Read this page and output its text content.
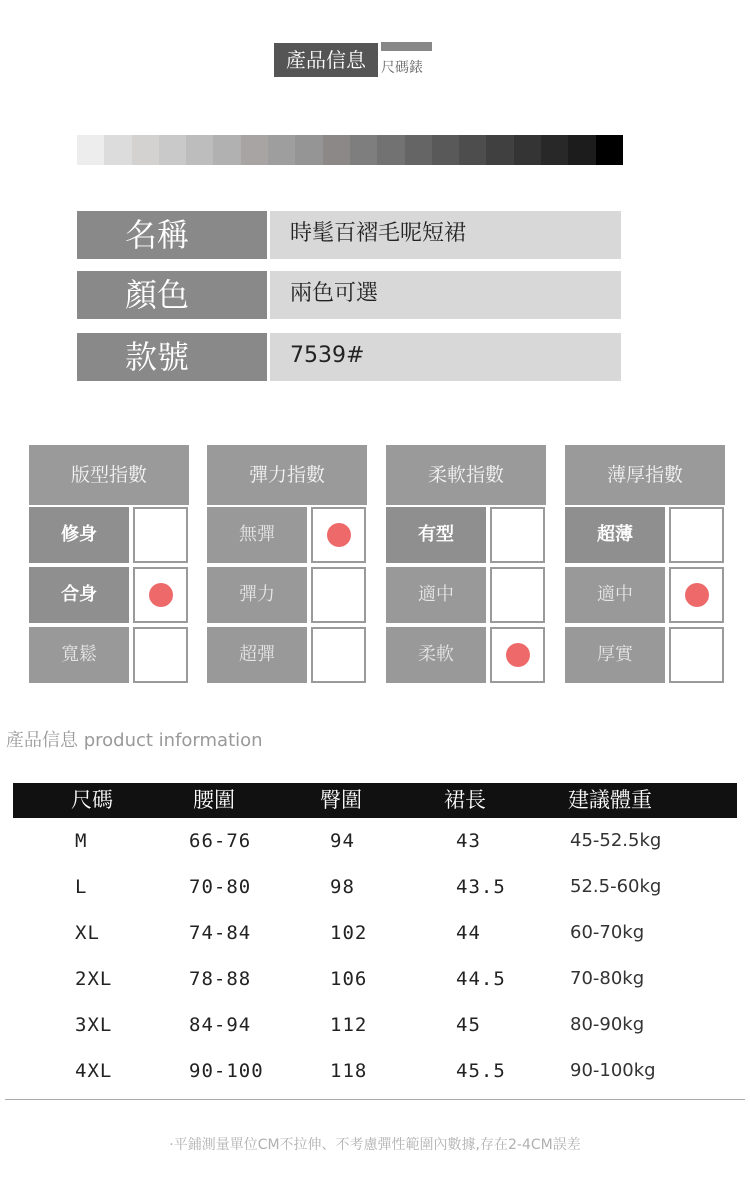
產品信息	尺碼錶
名稱	時髦百褶毛呢短裙
顏色	兩色可選
款號	7539#
版型指數
修身
合身
寬鬆
彈力指數
無彈
彈力
超彈
柔軟指數
有型
適中
柔軟
薄厚指數
超薄
適中
厚實
產品信息 product information
尺碼	腰圍	臀圍	裙長	建議體重
M	66-76	94	43	45-52.5kg
L	70-80	98	43.5	52.5-60kg
XL	74-84	102	44	60-70kg
2XL	78-88	106	44.5	70-80kg
3XL	84-94	112	45	80-90kg
4XL	90-100	118	45.5	90-100kg
·平鋪測量單位CM不拉伸、不考慮彈性範圍內數據,存在2-4CM誤差
